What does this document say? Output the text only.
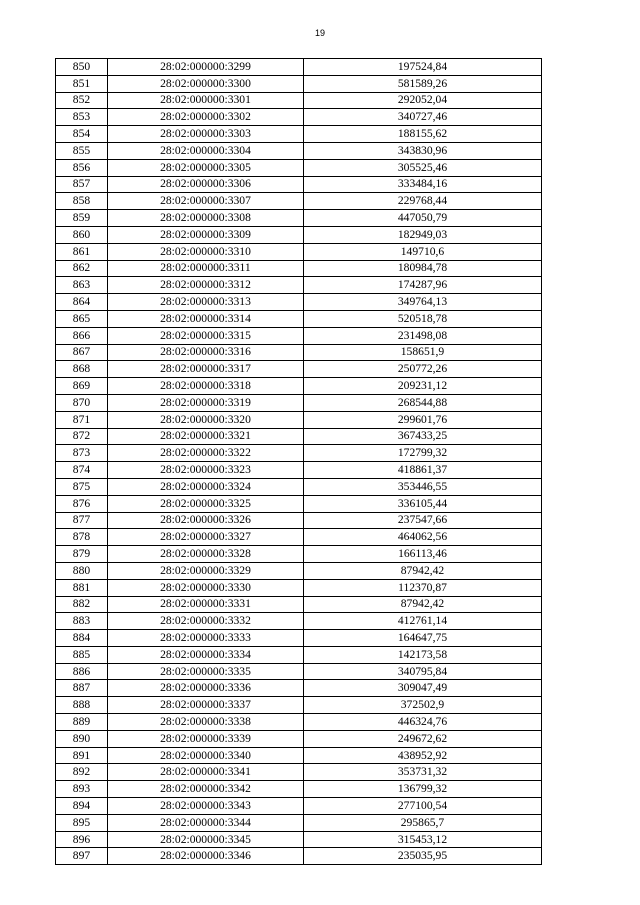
19
850	28:02:000000:3299	197524,84
851	28:02:000000:3300	581589,26
852	28:02:000000:3301	292052,04
853	28:02:000000:3302	340727,46
854	28:02:000000:3303	188155,62
855	28:02:000000:3304	343830,96
856	28:02:000000:3305	305525,46
857	28:02:000000:3306	333484,16
858	28:02:000000:3307	229768,44
859	28:02:000000:3308	447050,79
860	28:02:000000:3309	182949,03
861	28:02:000000:3310	149710,6
862	28:02:000000:3311	180984,78
863	28:02:000000:3312	174287,96
864	28:02:000000:3313	349764,13
865	28:02:000000:3314	520518,78
866	28:02:000000:3315	231498,08
867	28:02:000000:3316	158651,9
868	28:02:000000:3317	250772,26
869	28:02:000000:3318	209231,12
870	28:02:000000:3319	268544,88
871	28:02:000000:3320	299601,76
872	28:02:000000:3321	367433,25
873	28:02:000000:3322	172799,32
874	28:02:000000:3323	418861,37
875	28:02:000000:3324	353446,55
876	28:02:000000:3325	336105,44
877	28:02:000000:3326	237547,66
878	28:02:000000:3327	464062,56
879	28:02:000000:3328	166113,46
880	28:02:000000:3329	87942,42
881	28:02:000000:3330	112370,87
882	28:02:000000:3331	87942,42
883	28:02:000000:3332	412761,14
884	28:02:000000:3333	164647,75
885	28:02:000000:3334	142173,58
886	28:02:000000:3335	340795,84
887	28:02:000000:3336	309047,49
888	28:02:000000:3337	372502,9
889	28:02:000000:3338	446324,76
890	28:02:000000:3339	249672,62
891	28:02:000000:3340	438952,92
892	28:02:000000:3341	353731,32
893	28:02:000000:3342	136799,32
894	28:02:000000:3343	277100,54
895	28:02:000000:3344	295865,7
896	28:02:000000:3345	315453,12
897	28:02:000000:3346	235035,95
